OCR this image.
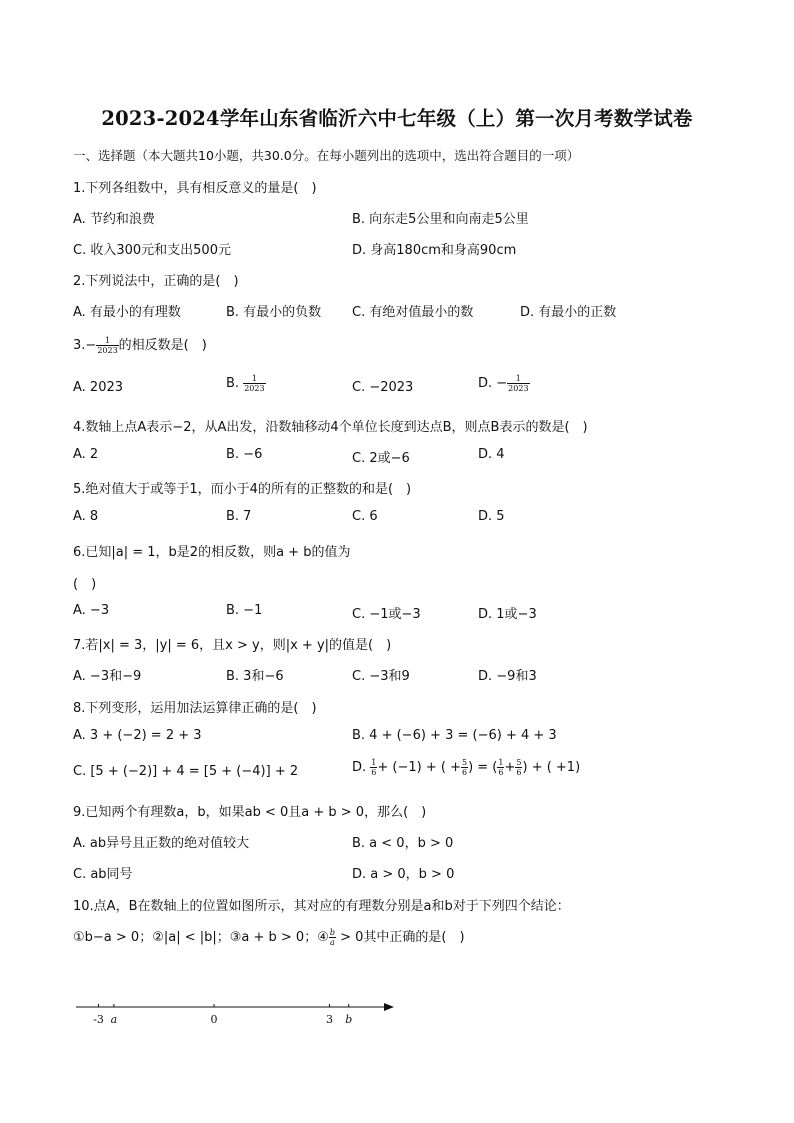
2023-2024学年山东省临沂六中七年级（上）第一次月考数学试卷
一、选择题（本大题共10小题，共30.0分。在每小题列出的选项中，选出符合题目的一项）
1.下列各组数中，具有相反意义的量是(　)
A. 节约和浪费	B. 向东走5公里和向南走5公里
C. 收入300元和支出500元	D. 身高180cm和身高90cm
2.下列说法中，正确的是(　)
A. 有最小的有理数	B. 有最小的负数 C. 有绝对值最小的数	D. 有最小的正数
$3.- \frac{1}{2023}$ 的相反数是(　)
A. 2023	B. $\frac{1}{2023}$	C. −2023	D. − $\frac{1}{2023}$
4.数轴上点A表示−2，从A出发，沿数轴移动4个单位长度到达点B，则点B表示的数是(　)
A. 2	B. −6	C. 2或−6	D. 4
5.绝对值大于或等于1，而小于4的所有的正整数的和是(　)
A. 8	B. 7	C. 6	D. 5
6.已知|a| = 1，b是2的相反数，则a + b的值为
(　)
A. −3	B. −1	C. −1或−3	D. 1或−3
7.若|x| = 3，|y| = 6，且x > y，则|x + y|的值是(　)
A. −3和−9	B. 3和−6	C. −3和9	D. −9和3
8.下列变形，运用加法运算律正确的是(　)
A. 3 + (−2) = 2 + 3	B. 4 + (−6) + 3 = (−6) + 4 + 3
C. [5 + (−2)] + 4 = [5 + (−4)] + 2	D. $\frac{1}{6} + (-1)$ + ( + $\frac{5}{6}$ ) = ( $\frac{1}{6} + \frac{5}{6}$ ) + ( +1)
9.已知两个有理数a，b，如果ab < 0且a + b > 0，那么(　)
A. ab异号且正数的绝对值较大	B. a < 0，b > 0
C. ab同号	D. a > 0，b > 0
10.点A，B在数轴上的位置如图所示，其对应的有理数分别是a和b对于下列四个结论：
①b−a > 0；②|a| < |b|；③a + b > 0；④ $\frac{b}{a} > 0$其中正确的是(　)
-3 a	0	3 b
